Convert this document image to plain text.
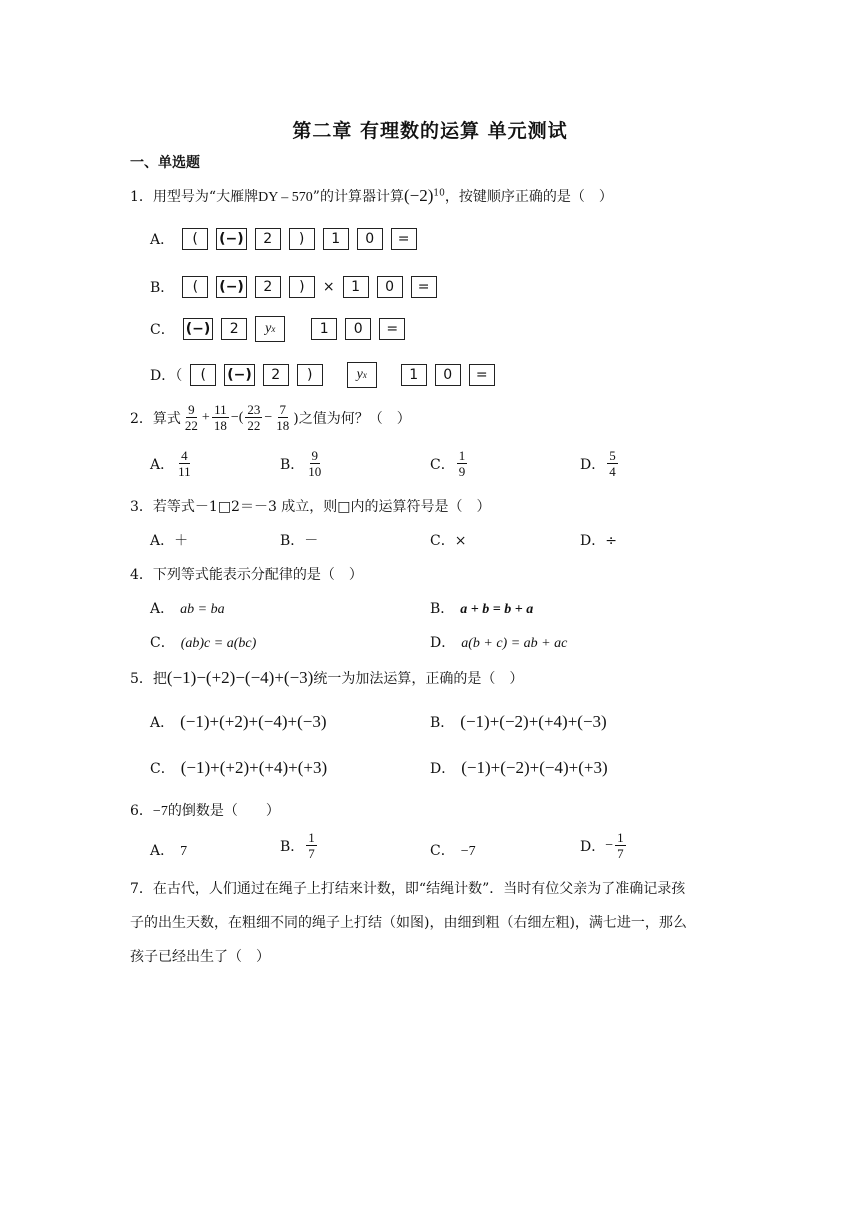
第二章 有理数的运算 单元测试
一、单选题
1．用型号为“大雁牌DY – 570”的计算器计算$(-2)^{10}$，按键顺序正确的是（　）
A．	(	(−)	2	)	1	0	=
B．	(	(−)	2	)	×	1	0	=
C． (−)	2	y x	1	0	=
D．（	(	(−)	2	)	y x	1	0	=
2．算式 $\frac{9}{22} + \frac{11}{18}$ −( $\frac{23}{22} - \frac{7}{18}$ )之值为何？（　）
A． $\frac{4}{11}$	B． $\frac{9}{10}$	C． $\frac{1}{9}$	D． $\frac{5}{4}$
3．若等式－1□2＝－3 成立，则□内的运算符号是（　）
A．＋	B．－	C．×	D．÷
4．下列等式能表示分配律的是（　）
A． ab = ba	B． a + b = b + a
C． (ab)c = a(bc)	D． a(b + c) = ab + ac
5．把(−1)−(+2)−(−4)+(−3)统一为加法运算，正确的是（　）
A． (−1)+(+2)+(−4)+(−3)	B． (−1)+(−2)+(+4)+(−3)
C． (−1)+(+2)+(+4)+(+3)	D． (−1)+(−2)+(−4)+(+3)
6．−7的倒数是（　　）
A． 7	B． $\frac{1}{7}$	C． −7	D． − $\frac{1}{7}$
7．在古代，人们通过在绳子上打结来计数，即“结绳计数”．当时有位父亲为了准确记录孩
子的出生天数，在粗细不同的绳子上打结（如图)，由细到粗（右细左粗)，满七进一，那么
孩子已经出生了（　）
